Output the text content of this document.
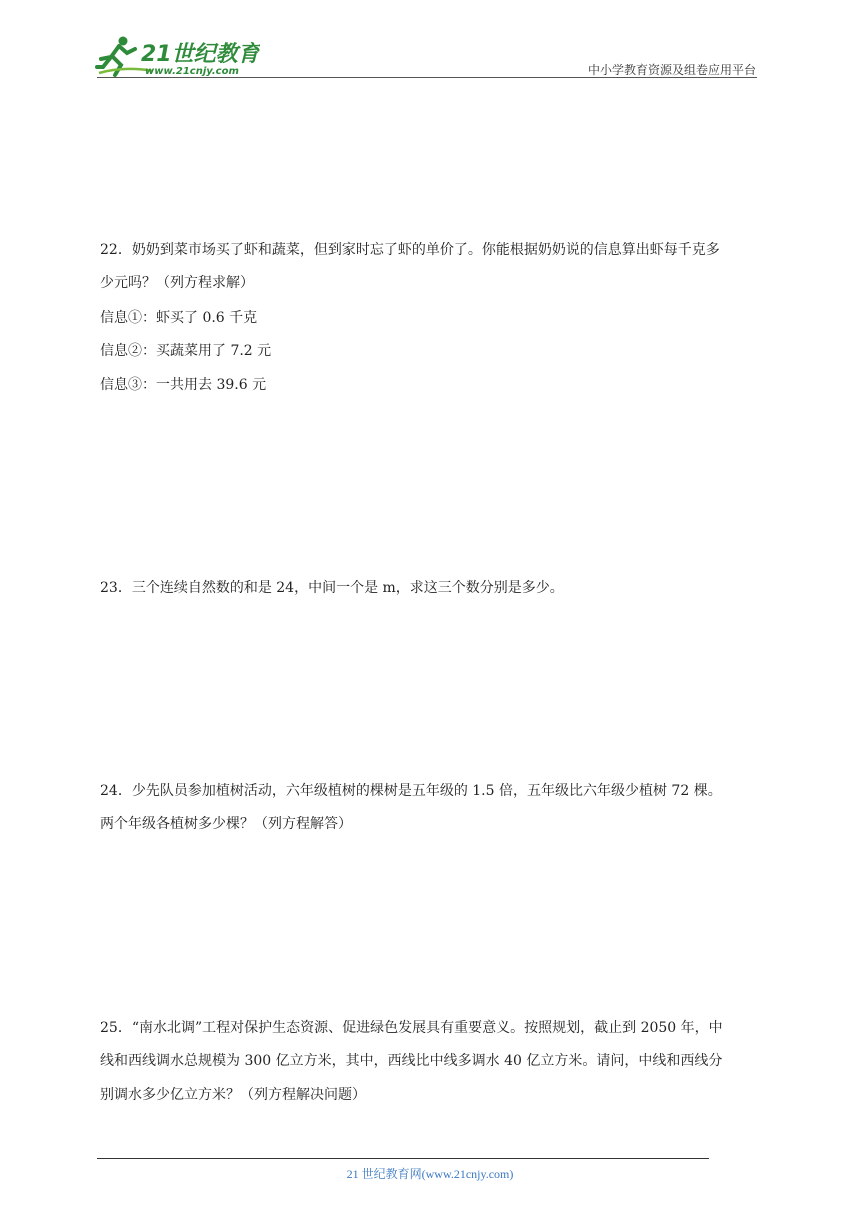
21世纪教育
www.21cnjy.com	中小学教育资源及组卷应用平台
22．奶奶到菜市场买了虾和蔬菜，但到家时忘了虾的单价了。你能根据奶奶说的信息算出虾每千克多
少元吗？（列方程求解）
信息①：虾买了 0.6 千克
信息②：买蔬菜用了 7.2 元
信息③：一共用去 39.6 元
23．三个连续自然数的和是 24，中间一个是 m，求这三个数分别是多少。
24．少先队员参加植树活动，六年级植树的棵树是五年级的 1.5 倍，五年级比六年级少植树 72 棵。
两个年级各植树多少棵？（列方程解答）
25．“南水北调”工程对保护生态资源、促进绿色发展具有重要意义。按照规划，截止到 2050 年，中
线和西线调水总规模为 300 亿立方米，其中，西线比中线多调水 40 亿立方米。请问，中线和西线分
别调水多少亿立方米？（列方程解决问题）
21 世纪教育网(www.21cnjy.com)
